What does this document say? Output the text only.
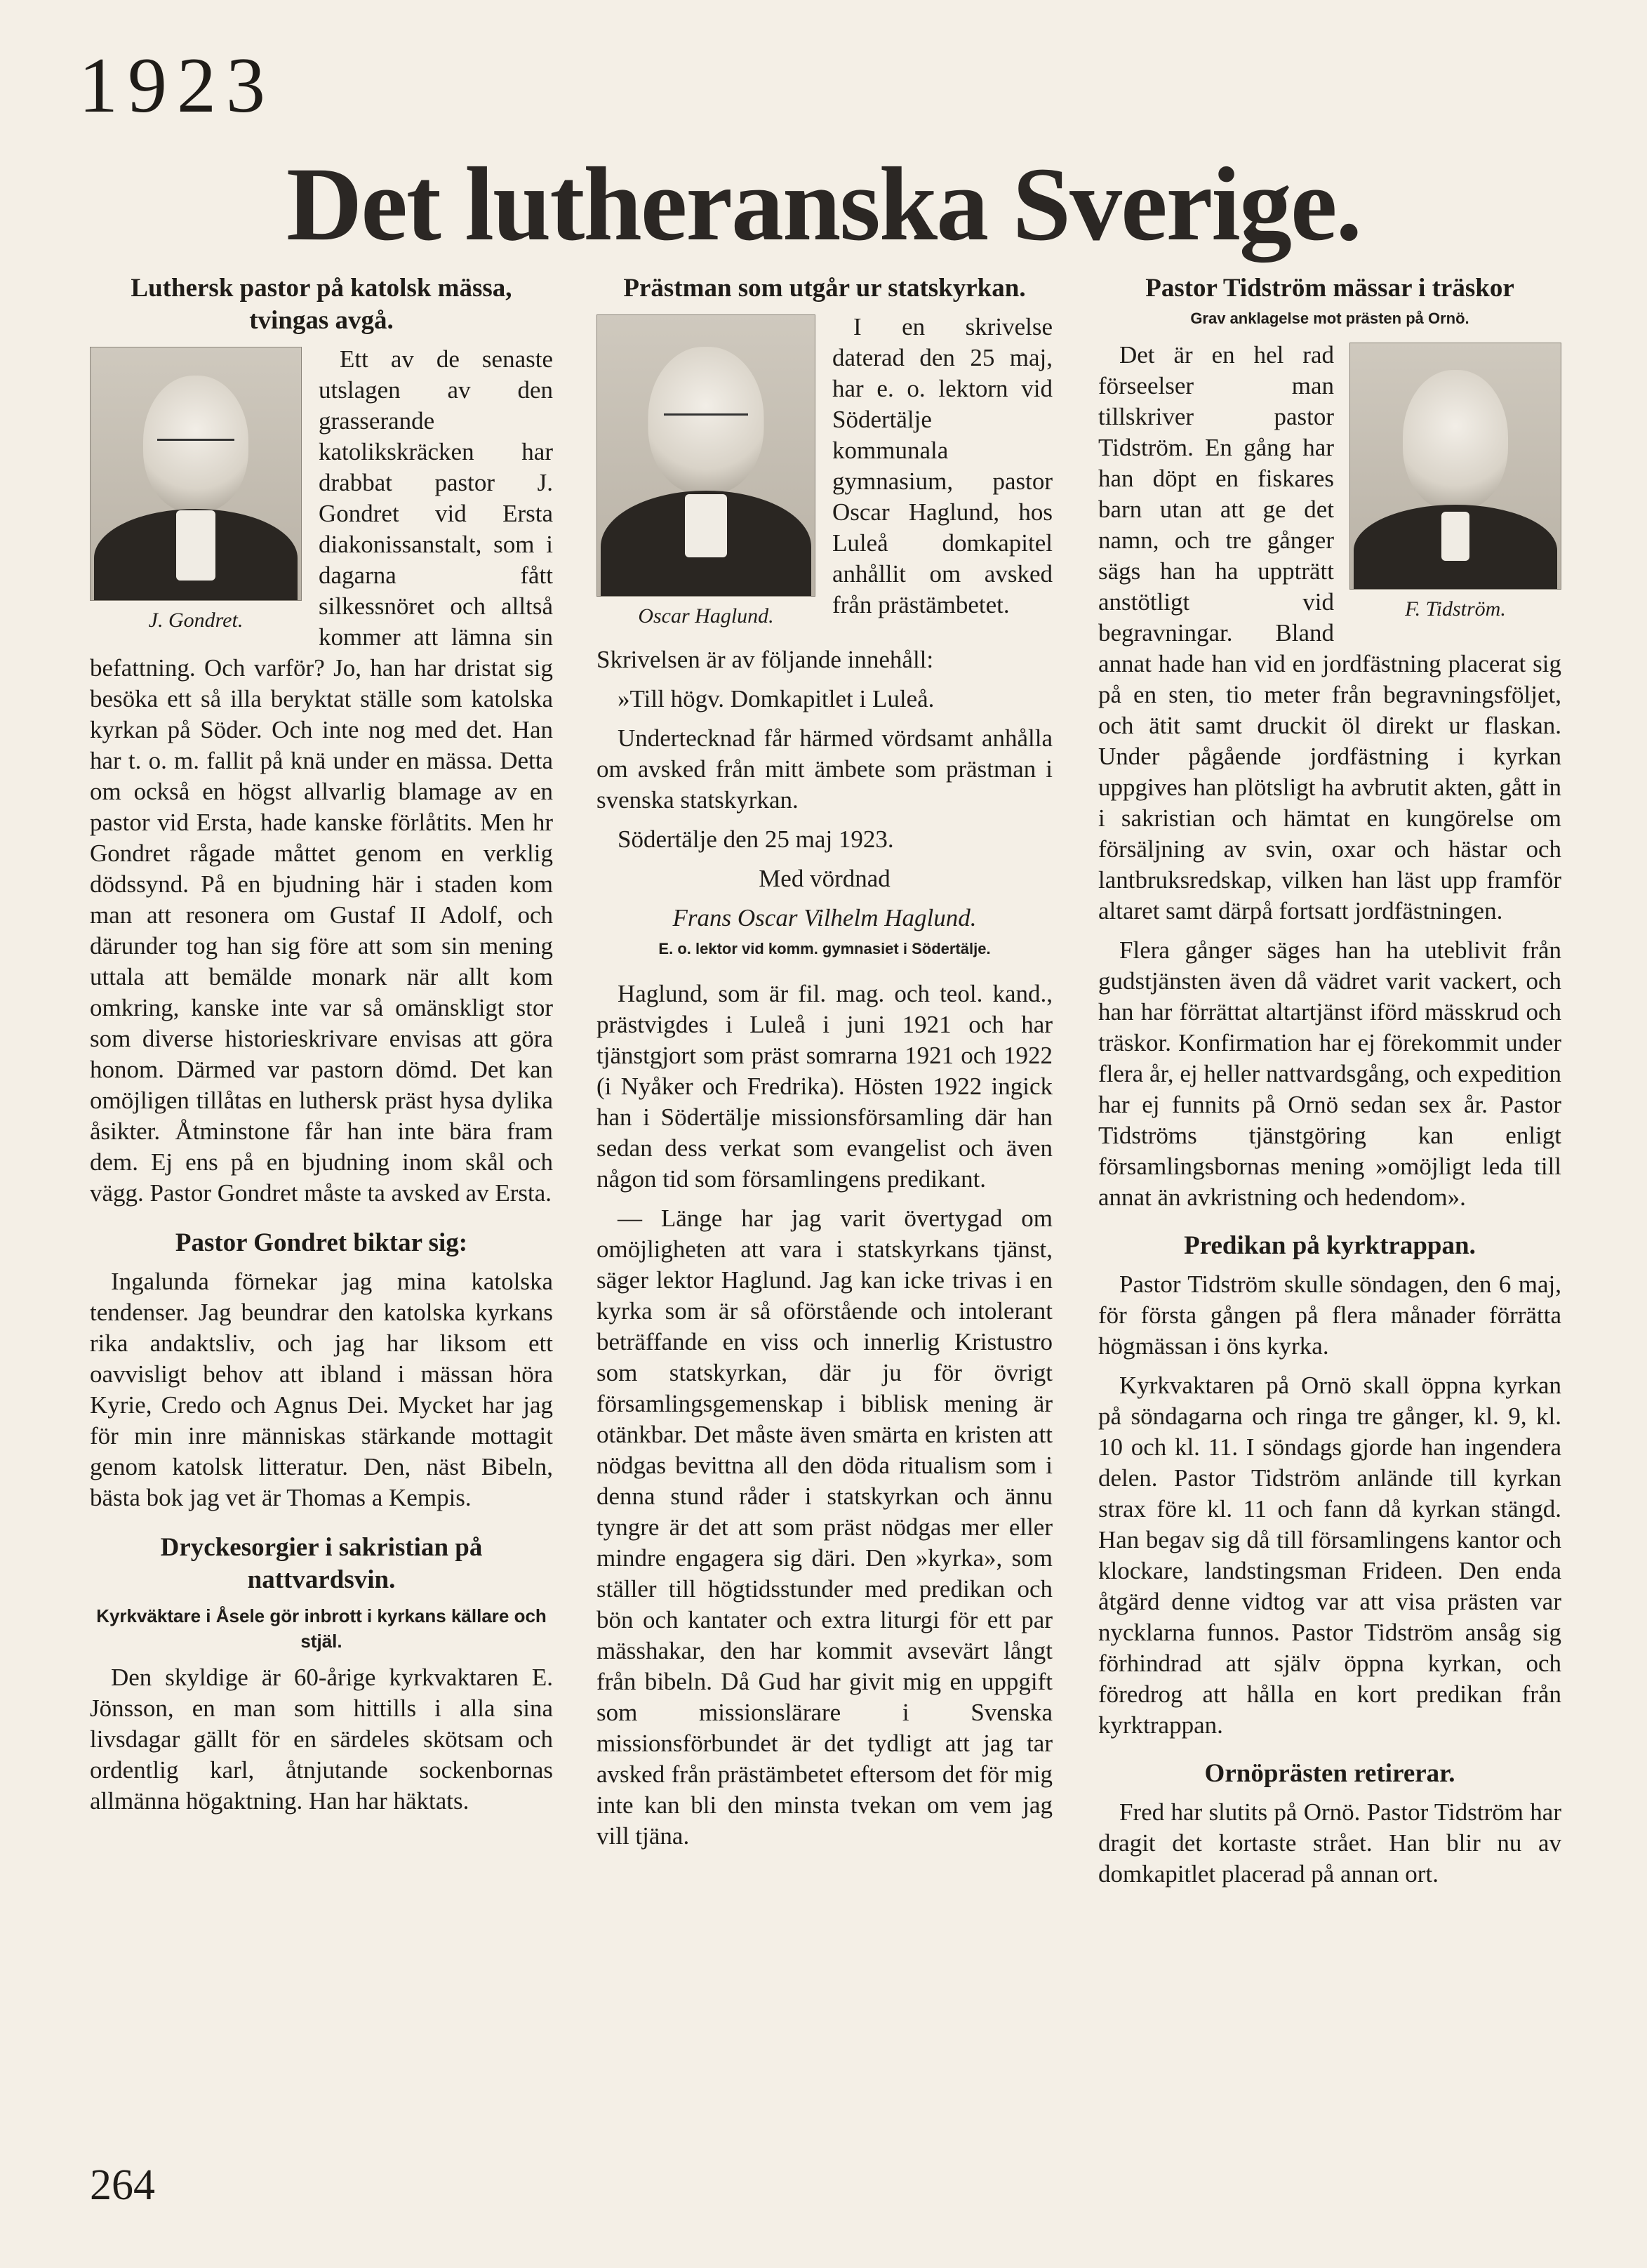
1923
Det lutheranska Sverige.
Luthersk pastor på katolsk mässa, tvingas avgå.
J. Gondret.

Ett av de senaste utslagen av den grasserande katolikskräcken har drabbat pastor J. Gondret vid Ersta diakonissanstalt, som i dagarna fått silkessnöret och alltså kommer att lämna sin befattning. Och varför? Jo, han har dristat sig besöka ett så illa beryktat ställe som katolska kyrkan på Söder. Och inte nog med det. Han har t. o. m. fallit på knä under en mässa. Detta om också en högst allvarlig blamage av en pastor vid Ersta, hade kanske förlåtits. Men hr Gondret rågade måttet genom en verklig dödssynd. På en bjudning här i staden kom man att resonera om Gustaf II Adolf, och därunder tog han sig före att som sin mening uttala att bemälde monark när allt kom omkring, kanske inte var så omänskligt stor som diverse historieskrivare envisas att göra honom. Därmed var pastorn dömd. Det kan omöjligen tillåtas en luthersk präst hysa dylika åsikter. Åtminstone får han inte bära fram dem. Ej ens på en bjudning inom skål och vägg. Pastor Gondret måste ta avsked av Ersta.

Pastor Gondret biktar sig:

Ingalunda förnekar jag mina katolska tendenser. Jag beundrar den katolska kyrkans rika andaktsliv, och jag har liksom ett oavvisligt behov att ibland i mässan höra Kyrie, Credo och Agnus Dei. Mycket har jag för min inre människas stärkande mottagit genom katolsk litteratur. Den, näst Bibeln, bästa bok jag vet är Thomas a Kempis.

Dryckesorgier i sakristian på nattvardsvin.
Kyrkväktare i Åsele gör inbrott i kyrkans källare och stjäl.

Den skyldige är 60-årige kyrkvaktaren E. Jönsson, en man som hittills i alla sina livsdagar gällt för en särdeles skötsam och ordentlig karl, åtnjutande sockenbornas allmänna högaktning. Han har häktats.

Prästman som utgår ur statskyrkan.
Oscar Haglund.

I en skrivelse daterad den 25 maj, har e. o. lektorn vid Södertälje kommunala gymnasium, pastor Oscar Haglund, hos Luleå domkapitel anhållit om avsked från prästämbetet.

Skrivelsen är av följande innehåll:

»Till högv. Domkapitlet i Luleå.

Undertecknad får härmed vördsamt anhålla om avsked från mitt ämbete som prästman i svenska statskyrkan.

Södertälje den 25 maj 1923.

Med vördnad

Frans Oscar Vilhelm Haglund.

E. o. lektor vid komm. gymnasiet i Södertälje.

Haglund, som är fil. mag. och teol. kand., prästvigdes i Luleå i juni 1921 och har tjänstgjort som präst somrarna 1921 och 1922 (i Nyåker och Fredrika). Hösten 1922 ingick han i Södertälje missionsförsamling där han sedan dess verkat som evangelist och även någon tid som församlingens predikant.

— Länge har jag varit övertygad om omöjligheten att vara i statskyrkans tjänst, säger lektor Haglund. Jag kan icke trivas i en kyrka som är så oförstående och intolerant beträffande en viss och innerlig Kristustro som statskyrkan, där ju för övrigt församlingsgemenskap i biblisk mening är otänkbar. Det måste även smärta en kristen att nödgas bevittna all den döda ritualism som i denna stund råder i statskyrkan och ännu tyngre är det att som präst nödgas mer eller mindre engagera sig däri. Den »kyrka», som ställer till högtidsstunder med predikan och bön och kantater och extra liturgi för ett par mässhakar, den har kommit avsevärt långt från bibeln. Då Gud har givit mig en uppgift som missionslärare i Svenska missionsförbundet är det tydligt att jag tar avsked från prästämbetet eftersom det för mig inte kan bli den minsta tvekan om vem jag vill tjäna.

Pastor Tidström mässar i träskor
Grav anklagelse mot prästen på Ornö.
F. Tidström.

Det är en hel rad förseelser man tillskriver pastor Tidström. En gång har han döpt en fiskares barn utan att ge det namn, och tre gånger sägs han ha uppträtt anstötligt vid begravningar. Bland annat hade han vid en jordfästning placerat sig på en sten, tio meter från begravningsföljet, och ätit samt druckit öl direkt ur flaskan. Under pågående jordfästning i kyrkan uppgives han plötsligt ha avbrutit akten, gått in i sakristian och hämtat en kungörelse om försäljning av svin, oxar och hästar och lantbruksredskap, vilken han läst upp framför altaret samt därpå fortsatt jordfästningen.

Flera gånger säges han ha uteblivit från gudstjänsten även då vädret varit vackert, och han har förrättat altartjänst iförd mässkrud och träskor. Konfirmation har ej förekommit under flera år, ej heller nattvardsgång, och expedition har ej funnits på Ornö sedan sex år. Pastor Tidströms tjänstgöring kan enligt församlingsbornas mening »omöjligt leda till annat än avkristning och hedendom».

Predikan på kyrktrappan.

Pastor Tidström skulle söndagen, den 6 maj, för första gången på flera månader förrätta högmässan i öns kyrka.

Kyrkvaktaren på Ornö skall öppna kyrkan på söndagarna och ringa tre gånger, kl. 9, kl. 10 och kl. 11. I söndags gjorde han ingendera delen. Pastor Tidström anlände till kyrkan strax före kl. 11 och fann då kyrkan stängd. Han begav sig då till församlingens kantor och klockare, landstingsman Frideen. Den enda åtgärd denne vidtog var att visa prästen var nycklarna funnos. Pastor Tidström ansåg sig förhindrad att själv öppna kyrkan, och föredrog att hålla en kort predikan från kyrktrappan.

Ornöprästen retirerar.

Fred har slutits på Ornö. Pastor Tidström har dragit det kortaste strået. Han blir nu av domkapitlet placerad på annan ort.

264
